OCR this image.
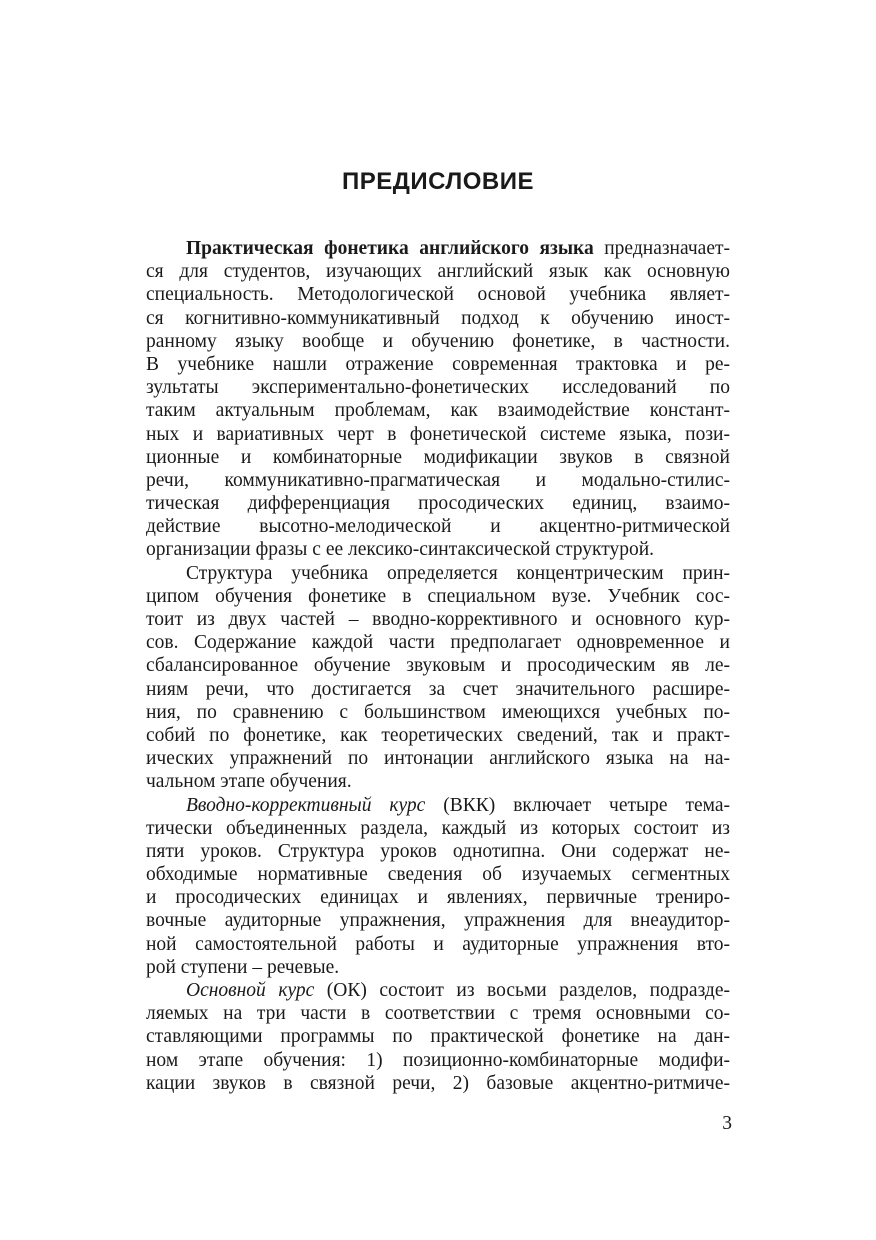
ПРЕДИСЛОВИЕ
Практическая фонетика английского языка предназначает-
ся для студентов, изучающих английский язык как основную
специальность. Методологической основой учебника являет-
ся когнитивно-коммуникативный подход к обучению иност-
ранному языку вообще и обучению фонетике, в частности.
В учебнике нашли отражение современная трактовка и ре-
зультаты экспериментально-фонетических исследований по
таким актуальным проблемам, как взаимодействие констант-
ных и вариативных черт в фонетической системе языка, пози-
ционные и комбинаторные модификации звуков в связной
речи, коммуникативно-прагматическая и модально-стилис-
тическая дифференциация просодических единиц, взаимо-
действие высотно-мелодической и акцентно-ритмической
организации фразы с ее лексико-синтаксической структурой.
Структура учебника определяется концентрическим прин-
ципом обучения фонетике в специальном вузе. Учебник сос-
тоит из двух частей – вводно-коррективного и основного кур-
сов. Содержание каждой части предполагает одновременное и
сбалансированное обучение звуковым и просодическим яв ле-
ниям речи, что достигается за счет значительного расшире-
ния, по сравнению с большинством имеющихся учебных по-
собий по фонетике, как теоретических сведений, так и практ-
ических упражнений по интонации английского языка на на-
чальном этапе обучения.
Вводно-коррективный курс (ВКК) включает четыре тема-
тически объединенных раздела, каждый из которых состоит из
пяти уроков. Структура уроков однотипна. Они содержат не-
обходимые нормативные сведения об изучаемых сегментных
и просодических единицах и явлениях, первичные трениро-
вочные аудиторные упражнения, упражнения для внеаудитор-
ной самостоятельной работы и аудиторные упражнения вто-
рой ступени – речевые.
Основной курс (ОК) состоит из восьми разделов, подразде-
ляемых на три части в соответствии с тремя основными со-
ставляющими программы по практической фонетике на дан-
ном этапе обучения: 1) позиционно-комбинаторные модифи-
кации звуков в связной речи, 2) базовые акцентно-ритмиче-
3
